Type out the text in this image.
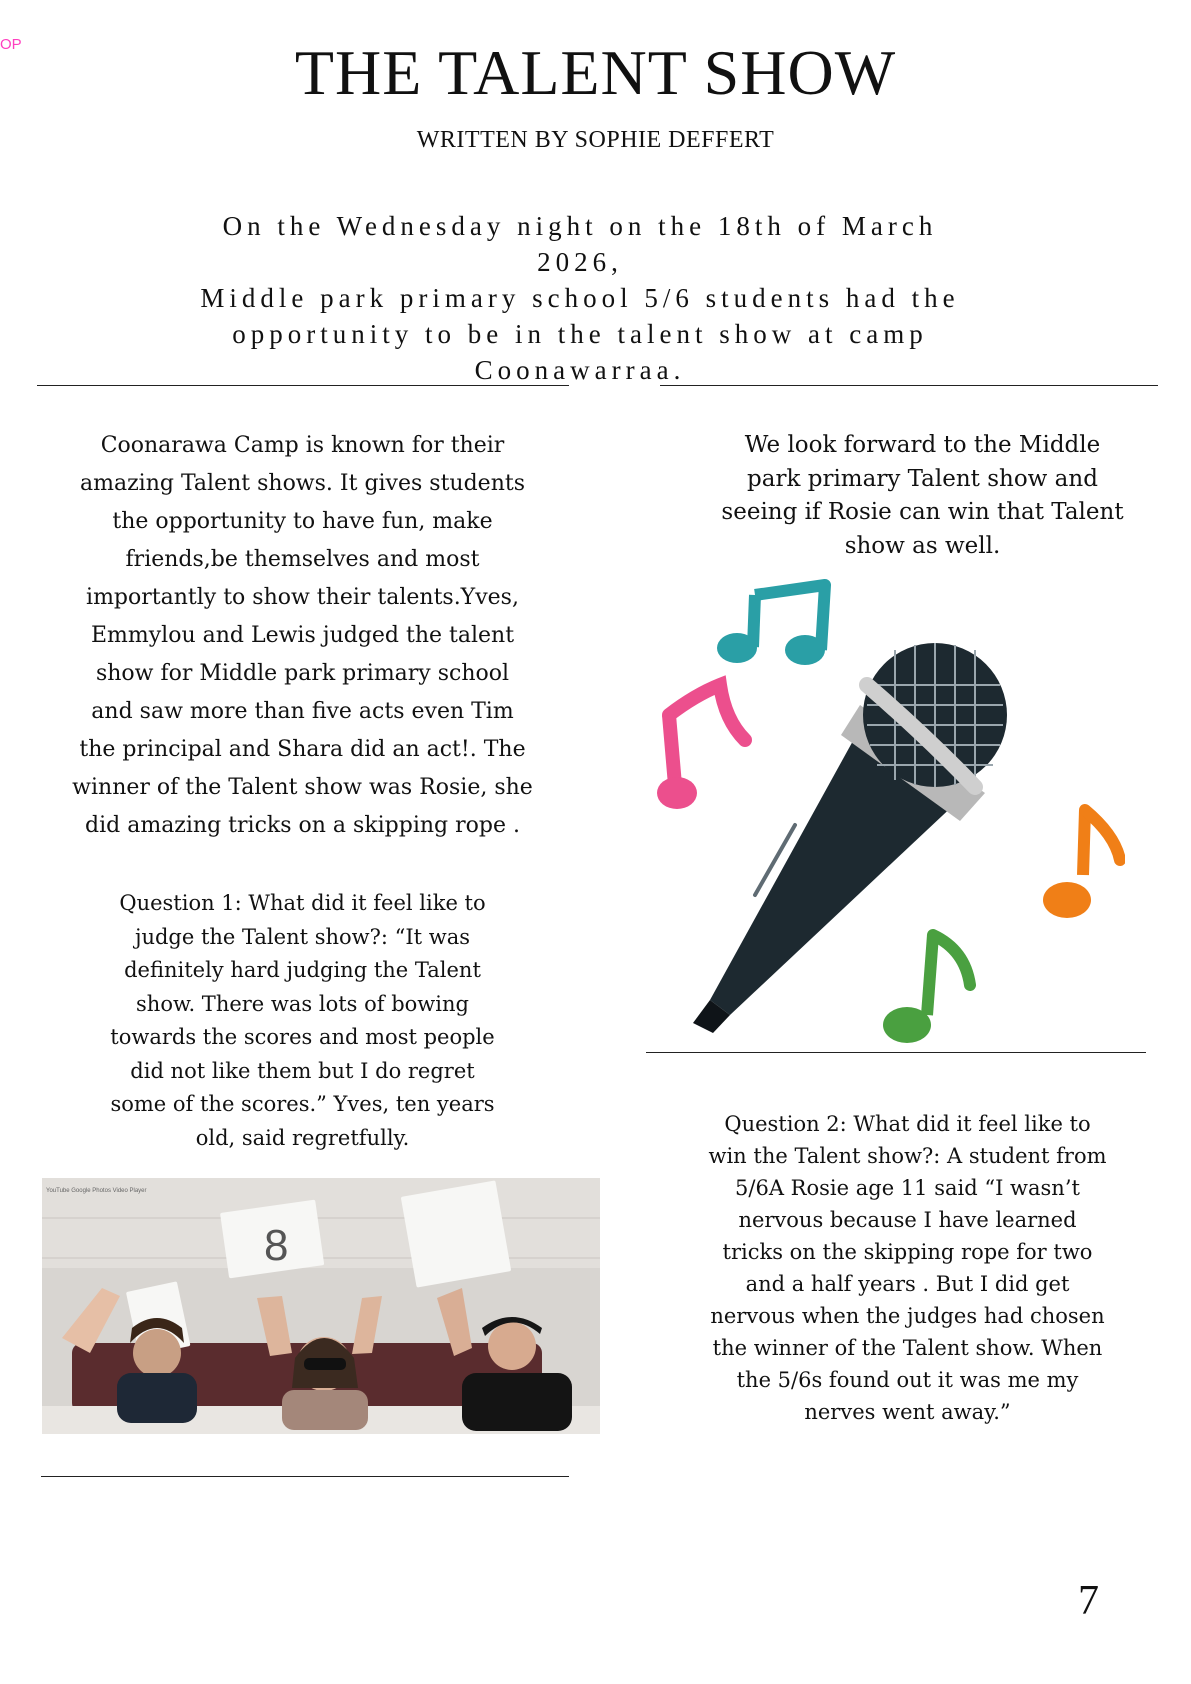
OP	THE TALENT SHOW
WRITTEN BY SOPHIE DEFFERT
On the Wednesday night on the 18th of March
2026,
Middle park primary school 5/6 students had the
opportunity to be in the talent show at camp
Coonawarraa.
Coonarawa Camp is known for their
amazing Talent shows. It gives students
the opportunity to have fun, make
friends,be themselves and most
importantly to show their talents.Yves,
Emmylou and Lewis judged the talent
show for Middle park primary school
and saw more than five acts even Tim
the principal and Shara did an act!. The
winner of the Talent show was Rosie, she
did amazing tricks on a skipping rope .
Question 1: What did it feel like to
judge the Talent show?: “It was
definitely hard judging the Talent
show. There was lots of bowing
towards the scores and most people
did not like them but I do regret
some of the scores.” Yves, ten years
old, said regretfully.
8
YouTube Google Photos Video Player
We look forward to the Middle
park primary Talent show and
seeing if Rosie can win that Talent
show as well.
Question 2: What did it feel like to
win the Talent show?: A student from
5/6A Rosie age 11 said “I wasn’t
nervous because I have learned
tricks on the skipping rope for two
and a half years . But I did get
nervous when the judges had chosen
the winner of the Talent show. When
the 5/6s found out it was me my
nerves went away.”
7
